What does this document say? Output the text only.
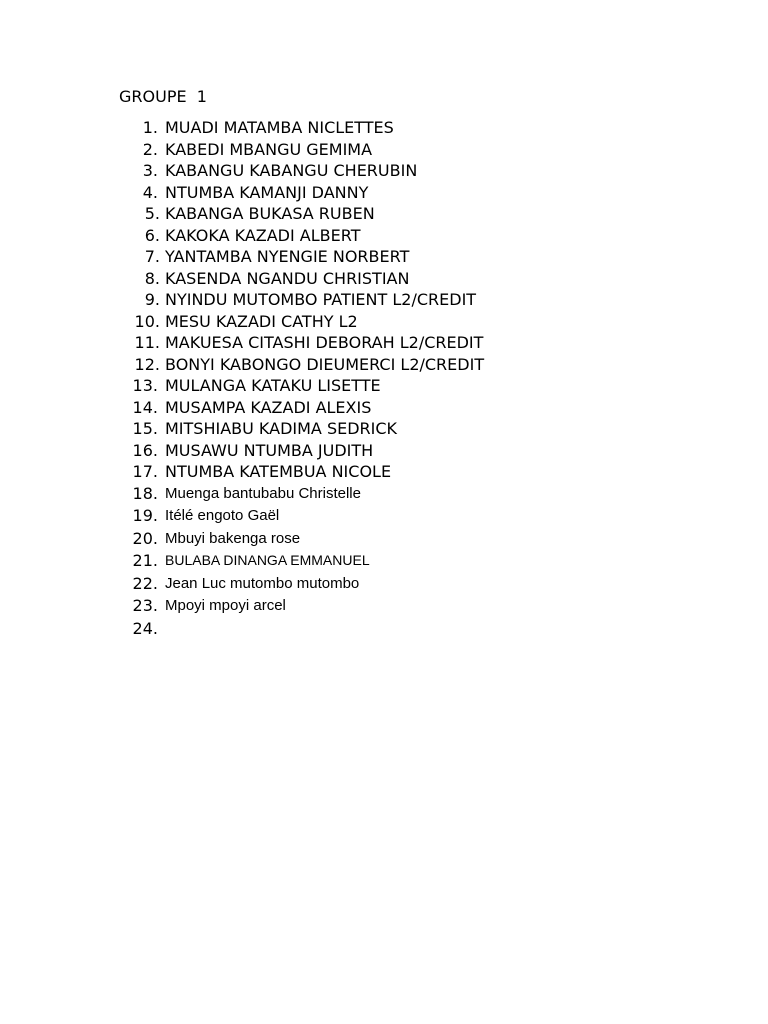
GROUPE  1
1. MUADI MATAMBA NICLETTES
2. KABEDI MBANGU GEMIMA
3. KABANGU KABANGU CHERUBIN
4. NTUMBA KAMANJI DANNY
5. KABANGA BUKASA RUBEN
6. KAKOKA KAZADI ALBERT
7. YANTAMBA NYENGIE NORBERT
8. KASENDA NGANDU CHRISTIAN
9. NYINDU MUTOMBO PATIENT L2/CREDIT
10. MESU KAZADI CATHY L2
11. MAKUESA CITASHI DEBORAH L2/CREDIT
12. BONYI KABONGO DIEUMERCI L2/CREDIT
13. MULANGA KATAKU LISETTE
14. MUSAMPA KAZADI ALEXIS
15. MITSHIABU KADIMA SEDRICK
16. MUSAWU NTUMBA JUDITH
17. NTUMBA KATEMBUA NICOLE
18. Muenga bantubabu Christelle
19. Itélé engoto Gaël
20. Mbuyi bakenga rose
21. BULABA DINANGA EMMANUEL
22. Jean Luc mutombo mutombo
23. Mpoyi mpoyi arcel
24.
